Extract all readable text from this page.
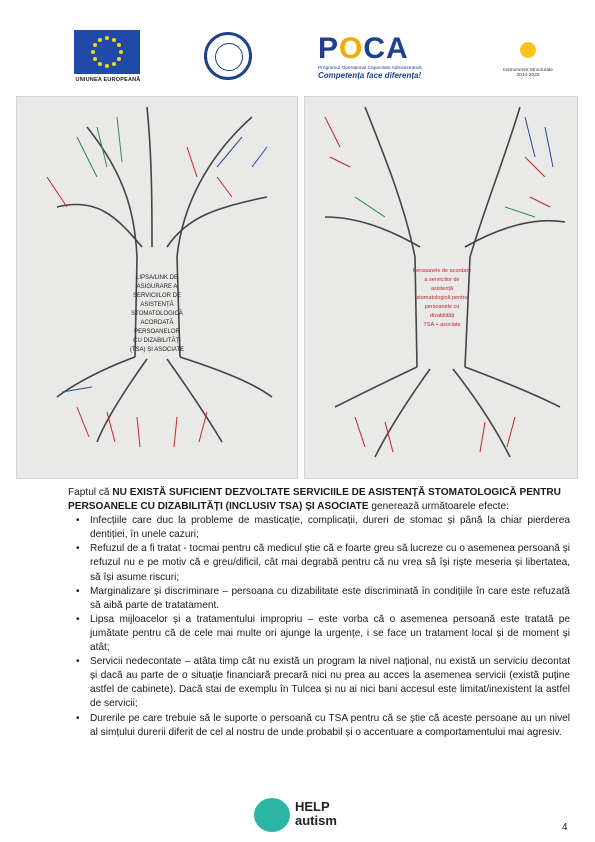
UNIUNEA EUROPEANĂ
POCA
Programul Operațional Capacitate Administrativă
Competența face diferența!
Instrumente Structurale 2014-2020
LIPSA/LINK DE ASIGURARE A SERVICIILOR DE ASISTENȚĂ STOMATOLOGICĂ ACORDATĂ PERSOANELOR CU DIZABILITĂȚI (TSA) ȘI ASOCIATE
Persoanele de acordare a serviciilor de asistență stomatologică pentru persoanele cu dizabilități TSA + asociate

Faptul că NU EXISTĂ SUFICIENT DEZVOLTATE SERVICIILE DE ASISTENȚĂ STOMATOLOGICĂ PENTRU PERSOANELE CU DIZABILITĂȚI (INCLUSIV TSA) ȘI ASOCIATE generează următoarele efecte:

• Infecțiile care duc la probleme de masticație, complicații, dureri de stomac și până la chiar pierderea dentiției, în unele cazuri;
• Refuzul de a fi tratat - tocmai pentru că medicul știe că e foarte greu să lucreze cu o asemenea persoană și refuzul nu e pe motiv că e greu/dificil, cât mai degrabă pentru că nu vrea să își riște meseria și libertatea, să își asume riscuri;
• Marginalizare și discriminare – persoana cu dizabilitate este discriminată în condițiile în care este refuzată să aibă parte de tratatament.
• Lipsa mijloacelor și a tratamentului impropriu – este vorba că o asemenea persoană este tratată pe jumătate pentru că de cele mai multe ori ajunge la urgențe, i se face un tratament local și de moment și atât;
• Servicii nedecontate – atâta timp cât nu există un program la nivel național, nu există un serviciu decontat și dacă au parte de o situație financiară precară nici nu prea au acces la asemenea servicii (există puține astfel de cabinete). Dacă stai de exemplu în Tulcea și nu ai nici bani accesul este limitat/inexistent la astfel de servicii;
• Durerile pe care trebuie să le suporte o persoană cu TSA pentru că se știe că aceste persoane au un nivel al simțului durerii diferit de cel al nostru de unde probabil și o accentuare a comportamentului mai agresiv.
HELP
autism	4
